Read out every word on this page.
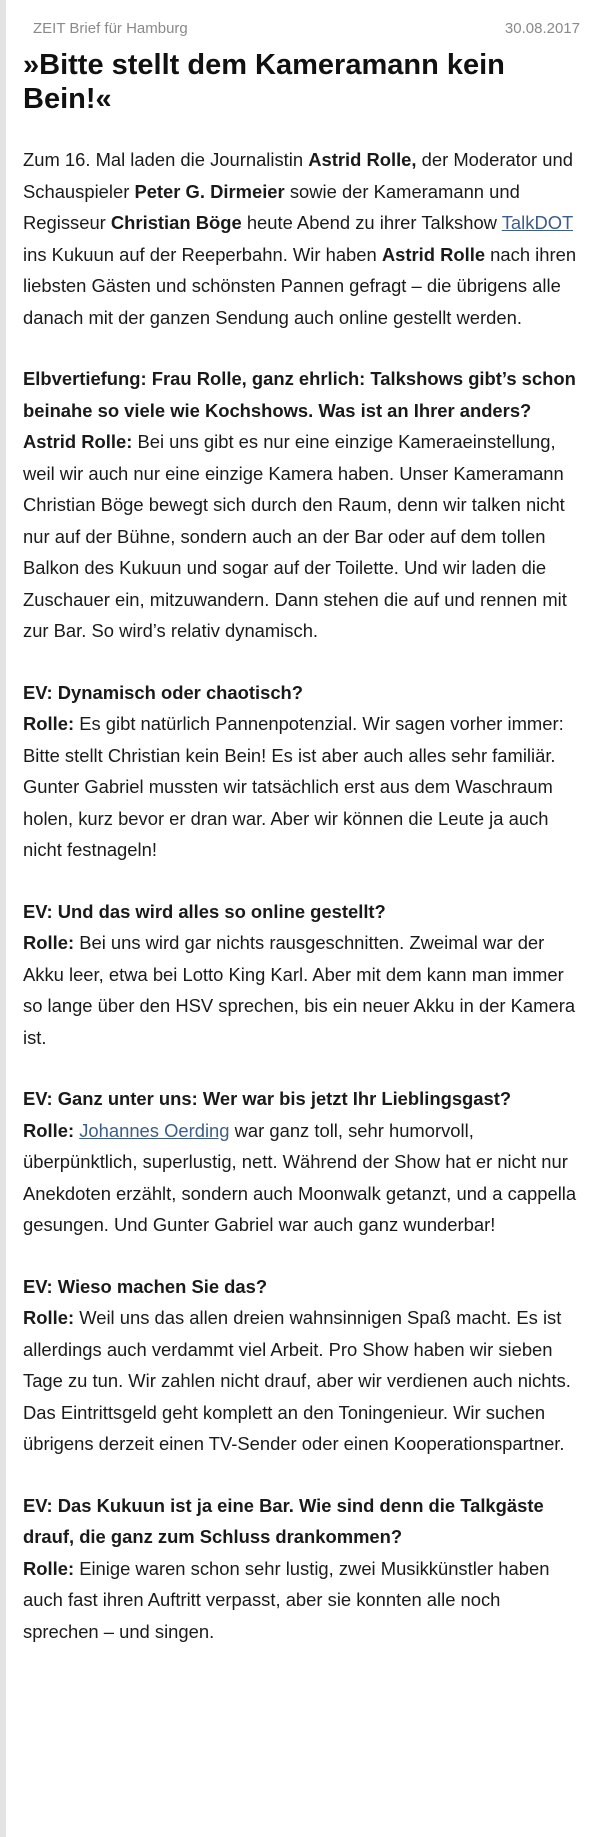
ZEIT Brief für Hamburg	30.08.2017
»Bitte stellt dem Kameramann kein Bein!«

Zum 16. Mal laden die Journalistin Astrid Rolle, der Moderator und Schauspieler Peter G. Dirmeier sowie der Kameramann und Regisseur Christian Böge heute Abend zu ihrer Talkshow TalkDOT ins Kukuun auf der Reeperbahn. Wir haben Astrid Rolle nach ihren liebsten Gästen und schönsten Pannen gefragt – die übrigens alle danach mit der ganzen Sendung auch online gestellt werden.

Elbvertiefung: Frau Rolle, ganz ehrlich: Talkshows gibt’s schon beinahe so viele wie Kochshows. Was ist an Ihrer anders?
Astrid Rolle: Bei uns gibt es nur eine einzige Kameraeinstellung, weil wir auch nur eine einzige Kamera haben. Unser Kameramann Christian Böge bewegt sich durch den Raum, denn wir talken nicht nur auf der Bühne, sondern auch an der Bar oder auf dem tollen Balkon des Kukuun und sogar auf der Toilette. Und wir laden die Zuschauer ein, mitzuwandern. Dann stehen die auf und rennen mit zur Bar. So wird’s relativ dynamisch.

EV: Dynamisch oder chaotisch?
Rolle: Es gibt natürlich Pannenpotenzial. Wir sagen vorher immer: Bitte stellt Christian kein Bein! Es ist aber auch alles sehr familiär. Gunter Gabriel mussten wir tatsächlich erst aus dem Waschraum holen, kurz bevor er dran war. Aber wir können die Leute ja auch nicht festnageln!

EV: Und das wird alles so online gestellt?
Rolle: Bei uns wird gar nichts rausgeschnitten. Zweimal war der Akku leer, etwa bei Lotto King Karl. Aber mit dem kann man immer so lange über den HSV sprechen, bis ein neuer Akku in der Kamera ist.

EV: Ganz unter uns: Wer war bis jetzt Ihr Lieblingsgast?
Rolle: Johannes Oerding war ganz toll, sehr humorvoll, überpünktlich, superlustig, nett. Während der Show hat er nicht nur Anekdoten erzählt, sondern auch Moonwalk getanzt, und a cappella gesungen. Und Gunter Gabriel war auch ganz wunderbar!

EV: Wieso machen Sie das?
Rolle: Weil uns das allen dreien wahnsinnigen Spaß macht. Es ist allerdings auch verdammt viel Arbeit. Pro Show haben wir sieben Tage zu tun. Wir zahlen nicht drauf, aber wir verdienen auch nichts. Das Eintrittsgeld geht komplett an den Toningenieur. Wir suchen übrigens derzeit einen TV-Sender oder einen Kooperationspartner.

EV: Das Kukuun ist ja eine Bar. Wie sind denn die Talkgäste drauf, die ganz zum Schluss drankommen?
Rolle: Einige waren schon sehr lustig, zwei Musikkünstler haben auch fast ihren Auftritt verpasst, aber sie konnten alle noch sprechen – und singen.
